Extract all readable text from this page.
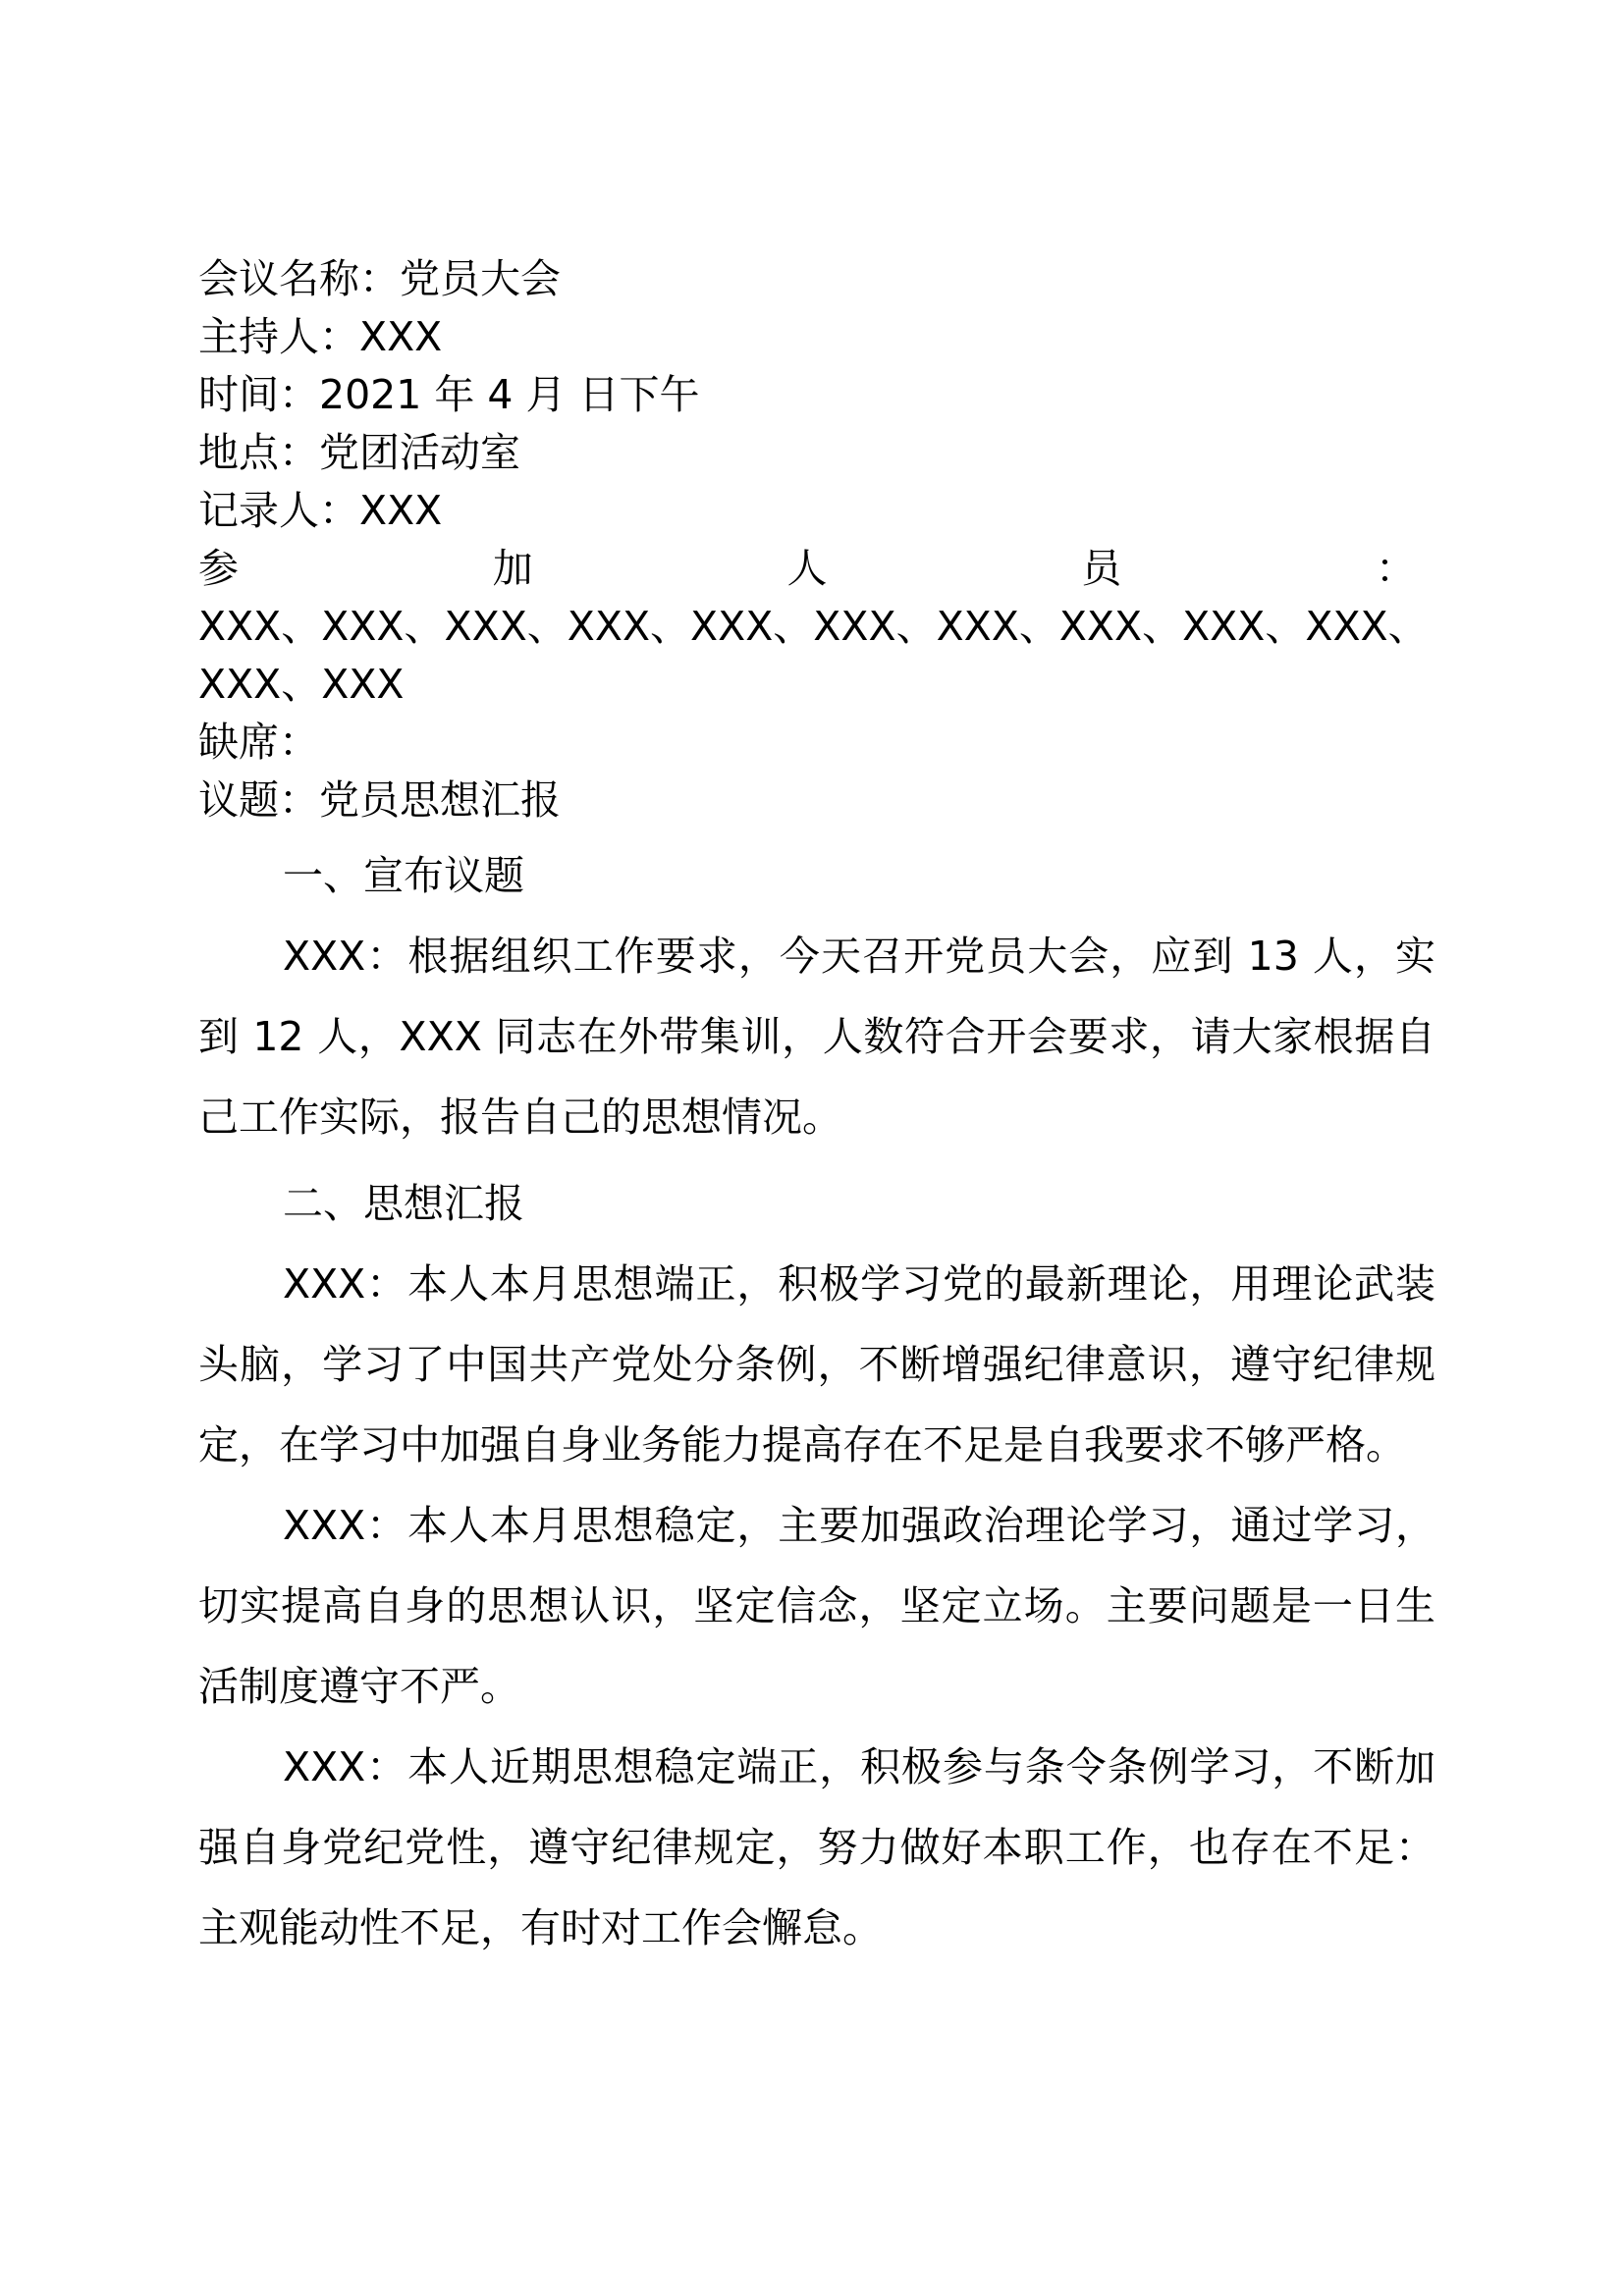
会议名称：党员大会
主持人：XXX
时间：2021 年 4 月 日下午
地点：党团活动室
记录人：XXX
参	加	人	员	：
XXX、XXX、XXX、XXX、XXX、XXX、XXX、XXX、XXX、XXX、XXX、XXX
缺席：
议题：党员思想汇报
一、宣布议题
XXX：根据组织工作要求，今天召开党员大会，应到 13 人，实到 12 人，XXX 同志在外带集训，人数符合开会要求，请大家根据自己工作实际，报告自己的思想情况。
二、思想汇报
XXX：本人本月思想端正，积极学习党的最新理论，用理论武装头脑，学习了中国共产党处分条例，不断增强纪律意识，遵守纪律规定，在学习中加强自身业务能力提高存在不足是自我要求不够严格。
XXX：本人本月思想稳定，主要加强政治理论学习，通过学习，切实提高自身的思想认识，坚定信念，坚定立场。主要问题是一日生活制度遵守不严。
XXX：本人近期思想稳定端正，积极参与条令条例学习，不断加强自身党纪党性，遵守纪律规定，努力做好本职工作，也存在不足：主观能动性不足，有时对工作会懈怠。
